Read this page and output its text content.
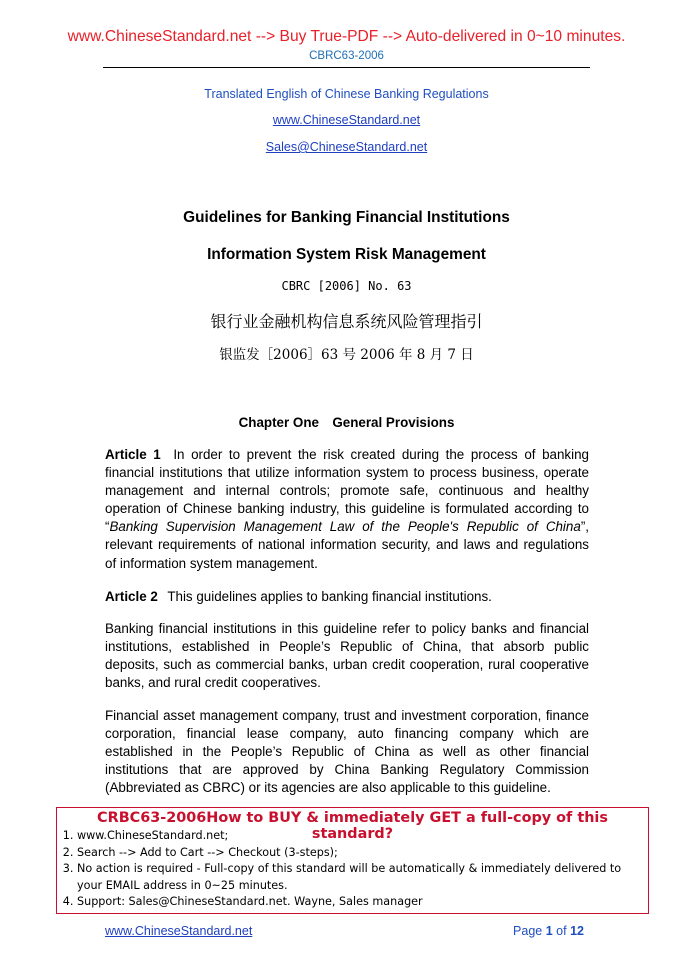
www.ChineseStandard.net --> Buy True-PDF --> Auto-delivered in 0~10 minutes.
CBRC63-2006
Translated English of Chinese Banking Regulations
www.ChineseStandard.net
Sales@ChineseStandard.net
Guidelines for Banking Financial Institutions
Information System Risk Management
CBRC [2006] No. 63
银行业金融机构信息系统风险管理指引
银监发［2006］63 号 2006 年 8 月 7 日
Chapter One General Provisions
Article 1 In order to prevent the risk created during the process of banking financial institutions that utilize information system to process business, operate management and internal controls; promote safe, continuous and healthy operation of Chinese banking industry, this guideline is formulated according to “Banking Supervision Management Law of the People's Republic of China”, relevant requirements of national information security, and laws and regulations of information system management.
Article 2 This guidelines applies to banking financial institutions.
Banking financial institutions in this guideline refer to policy banks and financial institutions, established in People’s Republic of China, that absorb public deposits, such as commercial banks, urban credit cooperation, rural cooperative banks, and rural credit cooperatives.
Financial asset management company, trust and investment corporation, finance corporation, financial lease company, auto financing company which are established in the People’s Republic of China as well as other financial institutions that are approved by China Banking Regulatory Commission (Abbreviated as CBRC) or its agencies are also applicable to this guideline.
CRBC63-2006How to BUY & immediately GET a full-copy of this standard?
1. www.ChineseStandard.net;
2. Search --> Add to Cart --> Checkout (3-steps);
3. No action is required - Full-copy of this standard will be automatically & immediately delivered to your EMAIL address in 0~25 minutes.
4. Support: Sales@ChineseStandard.net. Wayne, Sales manager
www.ChineseStandard.net	Page 1 of 12
